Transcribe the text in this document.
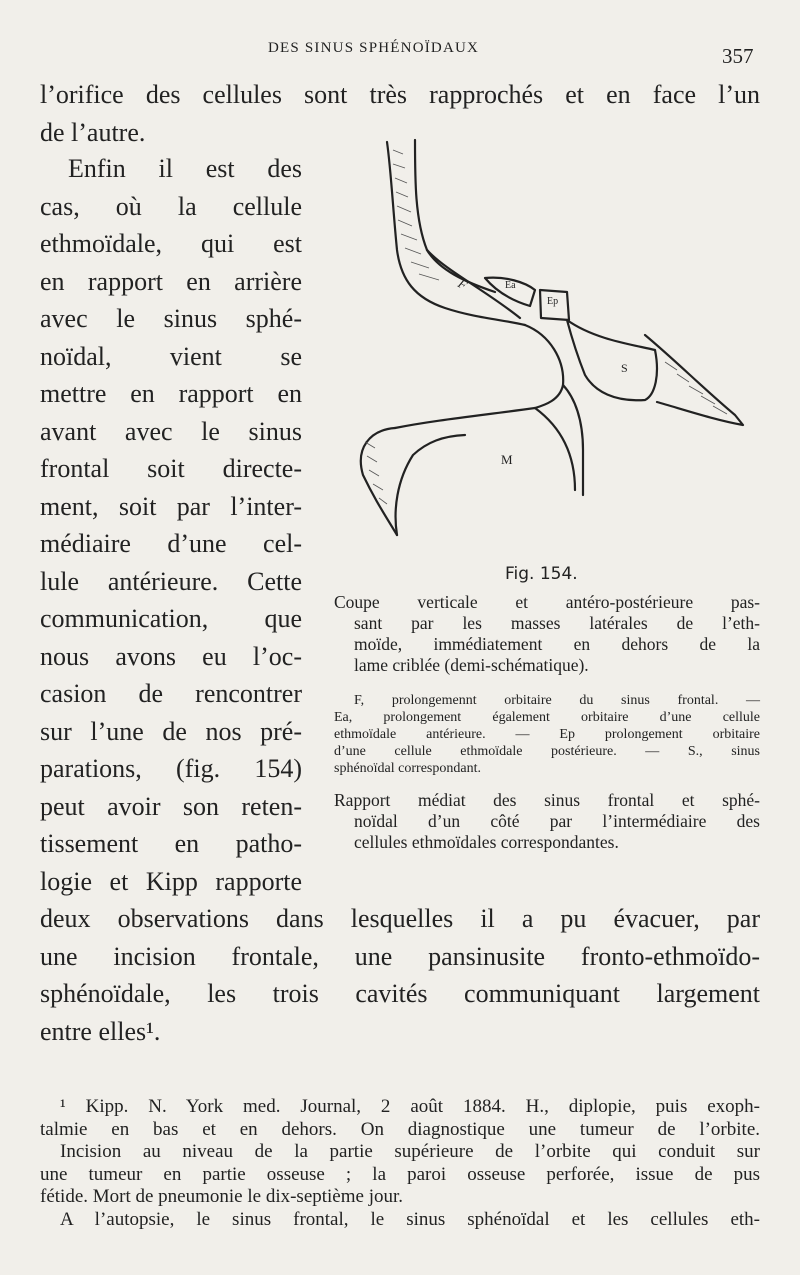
DES SINUS SPHÉNOÏDAUX	357
l’orifice des cellules sont très rapprochés et en face l’un
de l’autre.
Enfin il est des
cas, où la cellule
ethmoïdale, qui est
en rapport en arrière
avec le sinus sphé-
noïdal, vient se
mettre en rapport en
avant avec le sinus
frontal soit directe-
ment, soit par l’inter-
médiaire d’une cel-
lule antérieure. Cette
communication, que
nous avons eu l’oc-
casion de rencontrer
sur l’une de nos pré-
parations, (fig. 154)
peut avoir son reten-
tissement en patho-
logie et Kipp rapporte
F	Ea
Ep
S
M
Fig. 154.
Coupe verticale et antéro-postérieure pas-
sant par les masses latérales de l’eth-
moïde, immédiatement en dehors de la
lame criblée (demi-schématique).
F, prolongemennt orbitaire du sinus frontal. —
Ea, prolongement également orbitaire d’une cellule
ethmoïdale antérieure. — Ep prolongement orbitaire
d’une cellule ethmoïdale postérieure. — S., sinus
sphénoïdal correspondant.
Rapport médiat des sinus frontal et sphé-
noïdal d’un côté par l’intermédiaire des
cellules ethmoïdales correspondantes.
deux observations dans lesquelles il a pu évacuer, par
une incision frontale, une pansinusite fronto-ethmoïdo-
sphénoïdale, les trois cavités communiquant largement
entre elles¹.
¹ Kipp. N. York med. Journal, 2 août 1884. H., diplopie, puis exoph-
talmie en bas et en dehors. On diagnostique une tumeur de l’orbite.
Incision au niveau de la partie supérieure de l’orbite qui conduit sur
une tumeur en partie osseuse ; la paroi osseuse perforée, issue de pus
fétide. Mort de pneumonie le dix-septième jour.
A l’autopsie, le sinus frontal, le sinus sphénoïdal et les cellules eth-
